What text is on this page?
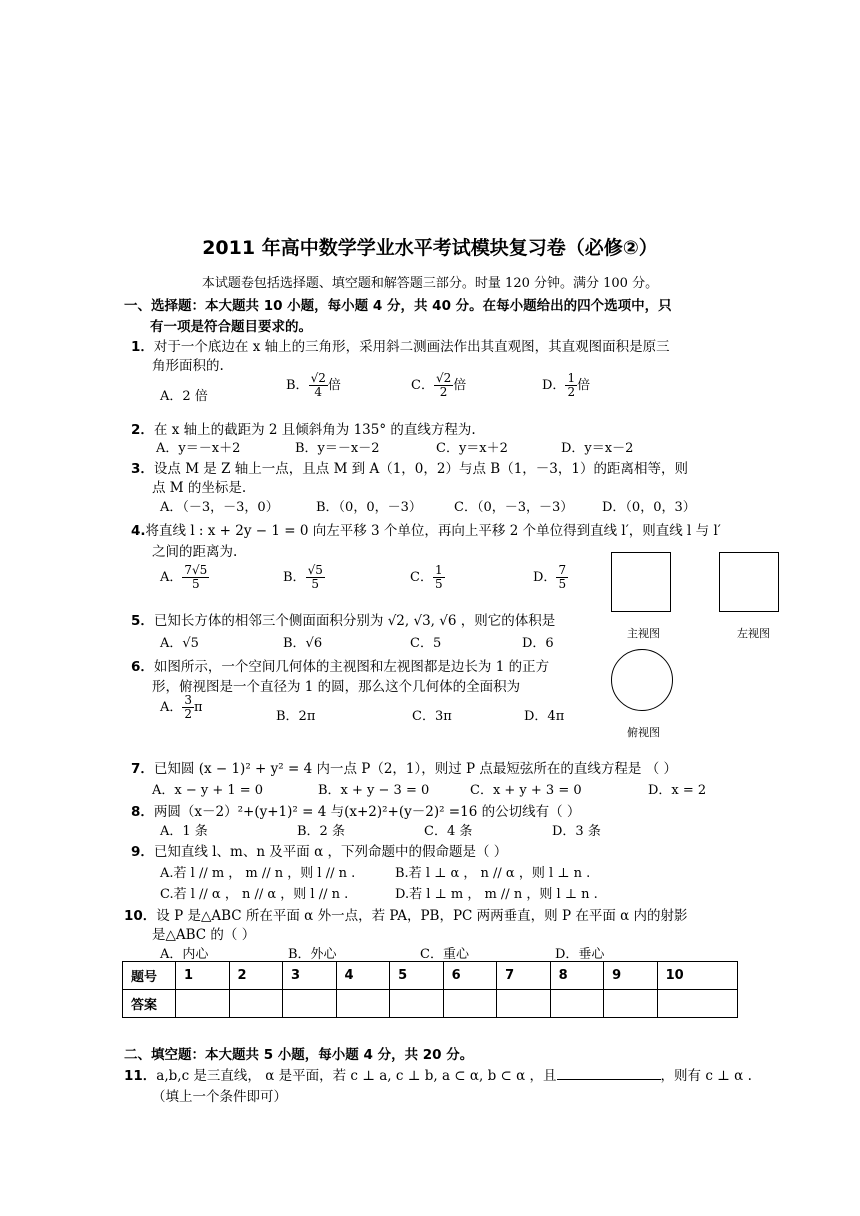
2011 年高中数学学业水平考试模块复习卷（必修②）
本试题卷包括选择题、填空题和解答题三部分。时量 120 分钟。满分 100 分。
一、选择题：本大题共 10 小题，每小题 4 分，共 40 分。在每小题给出的四个选项中，只
有一项是符合题目要求的。
1．对于一个底边在 x 轴上的三角形，采用斜二测画法作出其直观图，其直观图面积是原三
角形面积的.
A．2 倍
B． $\frac{√2}{4}$ 倍	C． $\frac{√2}{2}$ 倍	D． $\frac{1}{2}$ 倍
2．在 x 轴上的截距为 2 且倾斜角为 135° 的直线方程为.
A．y＝－x＋2	B．y＝－x－2	C．y＝x＋2	D．y＝x－2
3．设点 M 是 Z 轴上一点，且点 M 到 A（1，0，2）与点 B（1，－3，1）的距离相等，则
点 M 的坐标是.
A．（－3，－3，0）	B．（0，0，－3） C．（0，－3，－3） D．（0，0，3）
4.将直线 l : x + 2y − 1 = 0 向左平移 3 个单位，再向上平移 2 个单位得到直线 l′，则直线 l 与 l′
之间的距离为.
A． $\frac{7√5}{5}$	B． $\frac{√5}{5}$	C． $\frac{1}{5}$	D． $\frac{7}{5}$
主视图	左视图
俯视图
5．已知长方体的相邻三个侧面面积分别为 √2, √3, √6 ，则它的体积是
A．√5	B．√6	C．5	D．6
6．如图所示，一个空间几何体的主视图和左视图都是边长为 1 的正方
形，俯视图是一个直径为 1 的圆，那么这个几何体的全面积为
A． $\frac{3}{2}$ π
B．2π	C．3π	D．4π
7．已知圆 (x − 1)² + y² = 4 内一点 P（2，1），则过 P 点最短弦所在的直线方程是 （ ）
A．x − y + 1 = 0	B．x + y − 3 = 0	C．x + y + 3 = 0	D．x = 2
8．两圆（x－2）²+(y+1)² = 4 与(x+2)²+(y－2)² =16 的公切线有（ ）
A．1 条	B．2 条	C．4 条	D．3 条
9．已知直线 l、m、n 及平面 α ，下列命题中的假命题是（ ）
A.若 l // m ， m // n ，则 l // n .	B.若 l ⊥ α ， n // α ，则 l ⊥ n .
C.若 l // α ， n // α ，则 l // n .	D.若 l ⊥ m ， m // n ，则 l ⊥ n .
10．设 P 是△ABC 所在平面 α 外一点，若 PA，PB，PC 两两垂直，则 P 在平面 α 内的射影
是△ABC 的（ ）
A．内心	B．外心	C．重心	D．垂心
题号	1	2	3	4	5	6	7	8	9	10
答案										
二、填空题：本大题共 5 小题，每小题 4 分，共 20 分。
11．a,b,c 是三直线， α 是平面，若 c ⊥ a, c ⊥ b, a ⊂ α, b ⊂ α ，且	，则有 c ⊥ α .
（填上一个条件即可）
